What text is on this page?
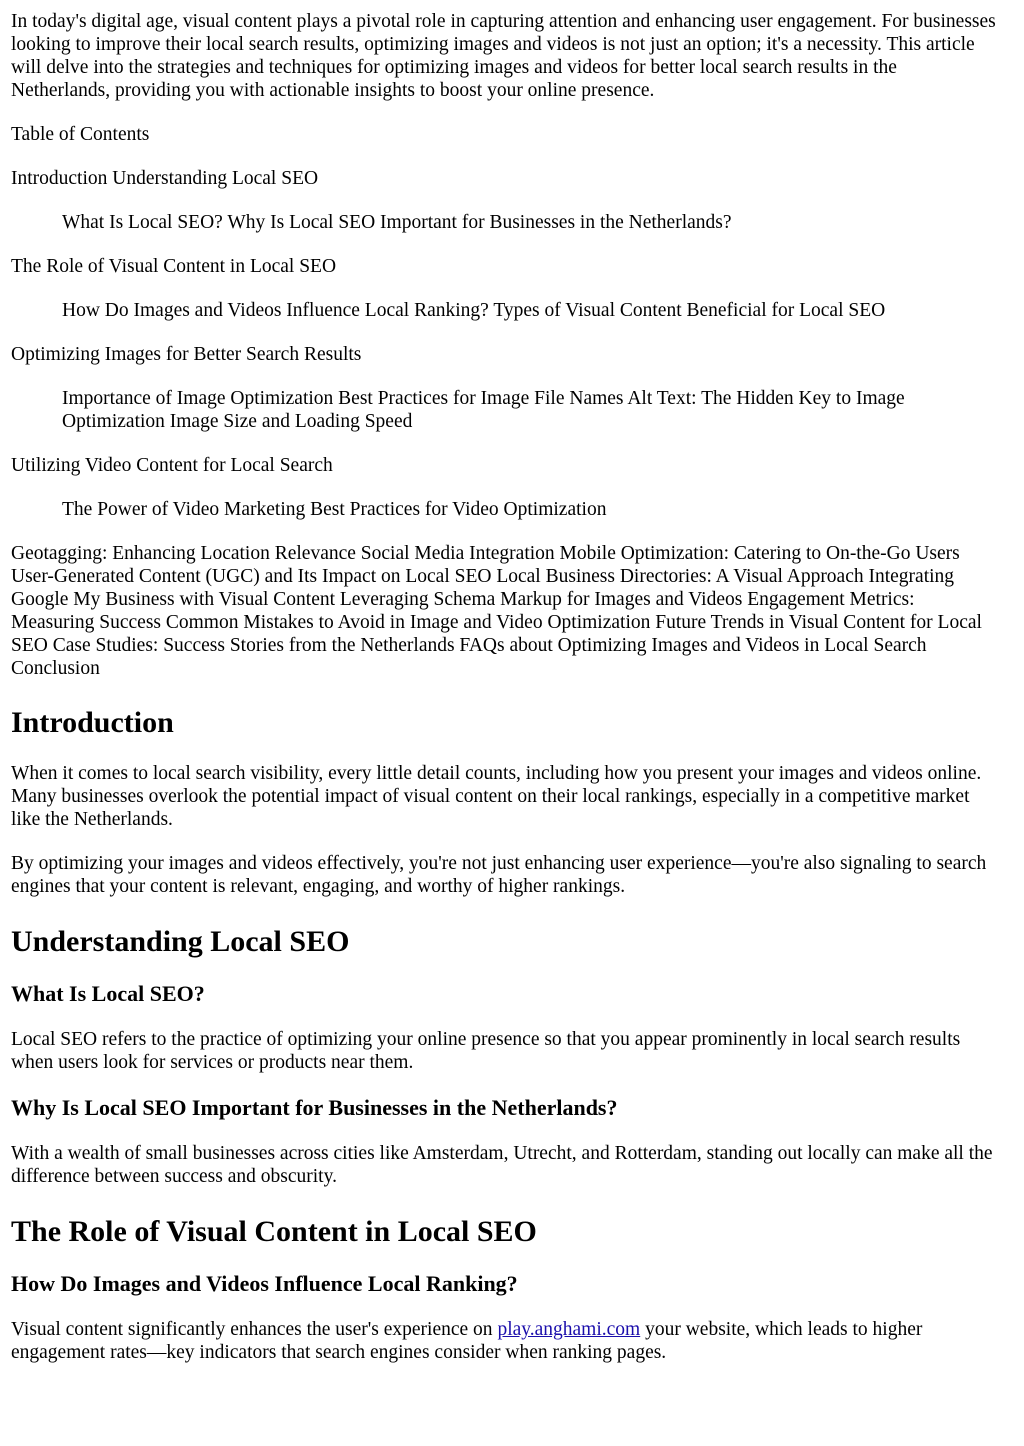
In today's digital age, visual content plays a pivotal role in capturing attention and enhancing user engagement. For businesses looking to improve their local search results, optimizing images and videos is not just an option; it's a necessity. This article will delve into the strategies and techniques for optimizing images and videos for better local search results in the Netherlands, providing you with actionable insights to boost your online presence.

Table of Contents
Introduction Understanding Local SEO
What Is Local SEO? Why Is Local SEO Important for Businesses in the Netherlands?
The Role of Visual Content in Local SEO
How Do Images and Videos Influence Local Ranking? Types of Visual Content Beneficial for Local SEO
Optimizing Images for Better Search Results
Importance of Image Optimization Best Practices for Image File Names Alt Text: The Hidden Key to Image Optimization Image Size and Loading Speed
Utilizing Video Content for Local Search
The Power of Video Marketing Best Practices for Video Optimization
Geotagging: Enhancing Location Relevance Social Media Integration Mobile Optimization: Catering to On-the-Go Users User-Generated Content (UGC) and Its Impact on Local SEO Local Business Directories: A Visual Approach Integrating Google My Business with Visual Content Leveraging Schema Markup for Images and Videos Engagement Metrics: Measuring Success Common Mistakes to Avoid in Image and Video Optimization Future Trends in Visual Content for Local SEO Case Studies: Success Stories from the Netherlands FAQs about Optimizing Images and Videos in Local Search Conclusion
Introduction

When it comes to local search visibility, every little detail counts, including how you present your images and videos online. Many businesses overlook the potential impact of visual content on their local rankings, especially in a competitive market like the Netherlands.

By optimizing your images and videos effectively, you're not just enhancing user experience—you're also signaling to search engines that your content is relevant, engaging, and worthy of higher rankings.

Understanding Local SEO
What Is Local SEO?

Local SEO refers to the practice of optimizing your online presence so that you appear prominently in local search results when users look for services or products near them.

Why Is Local SEO Important for Businesses in the Netherlands?

With a wealth of small businesses across cities like Amsterdam, Utrecht, and Rotterdam, standing out locally can make all the difference between success and obscurity.

The Role of Visual Content in Local SEO
How Do Images and Videos Influence Local Ranking?

Visual content significantly enhances the user's experience on play.anghami.com your website, which leads to higher engagement rates—key indicators that search engines consider when ranking pages.
